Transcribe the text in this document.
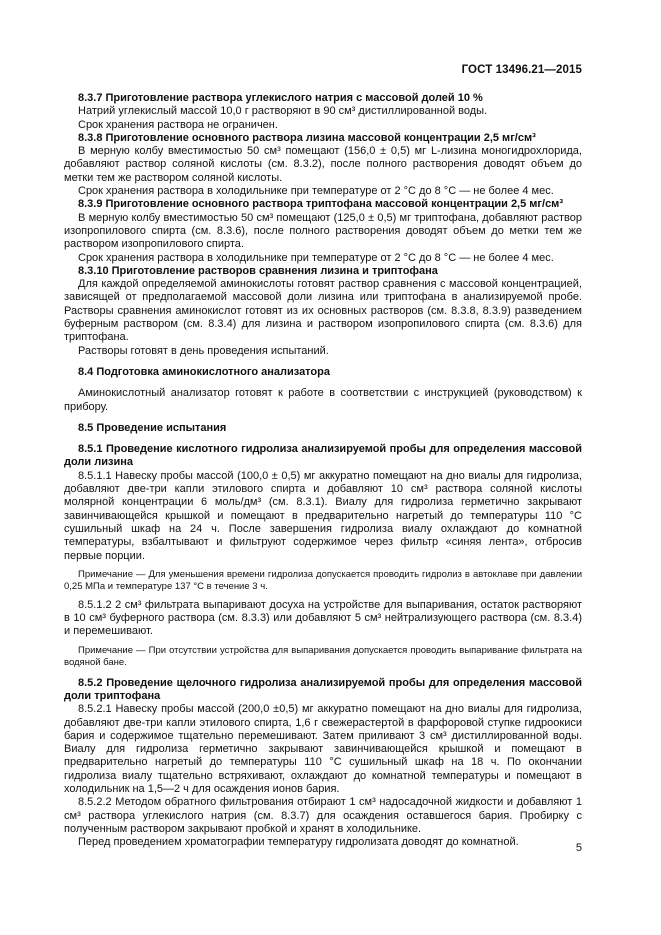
ГОСТ 13496.21—2015

8.3.7 Приготовление раствора углекислого натрия с массовой долей 10 %

Натрий углекислый массой 10,0 г растворяют в 90 см³ дистиллированной воды.

Срок хранения раствора не ограничен.

8.3.8 Приготовление основного раствора лизина массовой концентрации 2,5 мг/см³

В мерную колбу вместимостью 50 см³ помещают (156,0 ± 0,5) мг L-лизина моногидрохлорида, добавляют раствор соляной кислоты (см. 8.3.2), после полного растворения доводят объем до метки тем же раствором соляной кислоты.

Срок хранения раствора в холодильнике при температуре от 2 °С до 8 °С — не более 4 мес.

8.3.9 Приготовление основного раствора триптофана массовой концентрации 2,5 мг/см³

В мерную колбу вместимостью 50 см³ помещают (125,0 ± 0,5) мг триптофана, добавляют раствор изопропилового спирта (см. 8.3.6), после полного растворения доводят объем до метки тем же раствором изопропилового спирта.

Срок хранения раствора в холодильнике при температуре от 2 °С до 8 °С — не более 4 мес.

8.3.10 Приготовление растворов сравнения лизина и триптофана

Для каждой определяемой аминокислоты готовят раствор сравнения с массовой концентрацией, зависящей от предполагаемой массовой доли лизина или триптофана в анализируемой пробе. Растворы сравнения аминокислот готовят из их основных растворов (см. 8.3.8, 8.3.9) разведением буферным раствором (см. 8.3.4) для лизина и раствором изопропилового спирта (см. 8.3.6) для триптофана.

Растворы готовят в день проведения испытаний.

8.4 Подготовка аминокислотного анализатора

Аминокислотный анализатор готовят к работе в соответствии с инструкцией (руководством) к прибору.

8.5 Проведение испытания

8.5.1 Проведение кислотного гидролиза анализируемой пробы для определения массовой доли лизина

8.5.1.1 Навеску пробы массой (100,0 ± 0,5) мг аккуратно помещают на дно виалы для гидролиза, добавляют две-три капли этилового спирта и добавляют 10 см³ раствора соляной кислоты молярной концентрации 6 моль/дм³ (см. 8.3.1). Виалу для гидролиза герметично закрывают завинчивающейся крышкой и помещают в предварительно нагретый до температуры 110 °С сушильный шкаф на 24 ч. После завершения гидролиза виалу охлаждают до комнатной температуры, взбалтывают и фильтруют содержимое через фильтр «синяя лента», отбросив первые порции.

Примечание — Для уменьшения времени гидролиза допускается проводить гидролиз в автоклаве при давлении 0,25 МПа и температуре 137 °С в течение 3 ч.

8.5.1.2 2 см³ фильтрата выпаривают досуха на устройстве для выпаривания, остаток растворяют в 10 см³ буферного раствора (см. 8.3.3) или добавляют 5 см³ нейтрализующего раствора (см. 8.3.4) и перемешивают.

Примечание — При отсутствии устройства для выпаривания допускается проводить выпаривание фильтрата на водяной бане.

8.5.2 Проведение щелочного гидролиза анализируемой пробы для определения массовой доли триптофана

8.5.2.1 Навеску пробы массой (200,0 ±0,5) мг аккуратно помещают на дно виалы для гидролиза, добавляют две-три капли этилового спирта, 1,6 г свежерастертой в фарфоровой ступке гидроокиси бария и содержимое тщательно перемешивают. Затем приливают 3 см³ дистиллированной воды. Виалу для гидролиза герметично закрывают завинчивающейся крышкой и помещают в предварительно нагретый до температуры 110 °С сушильный шкаф на 18 ч. По окончании гидролиза виалу тщательно встряхивают, охлаждают до комнатной температуры и помещают в холодильник на 1,5—2 ч для осаждения ионов бария.

8.5.2.2 Методом обратного фильтрования отбирают 1 см³ надосадочной жидкости и добавляют 1 см³ раствора углекислого натрия (см. 8.3.7) для осаждения оставшегося бария. Пробирку с полученным раствором закрывают пробкой и хранят в холодильнике.

Перед проведением хроматографии температуру гидролизата доводят до комнатной.	5
